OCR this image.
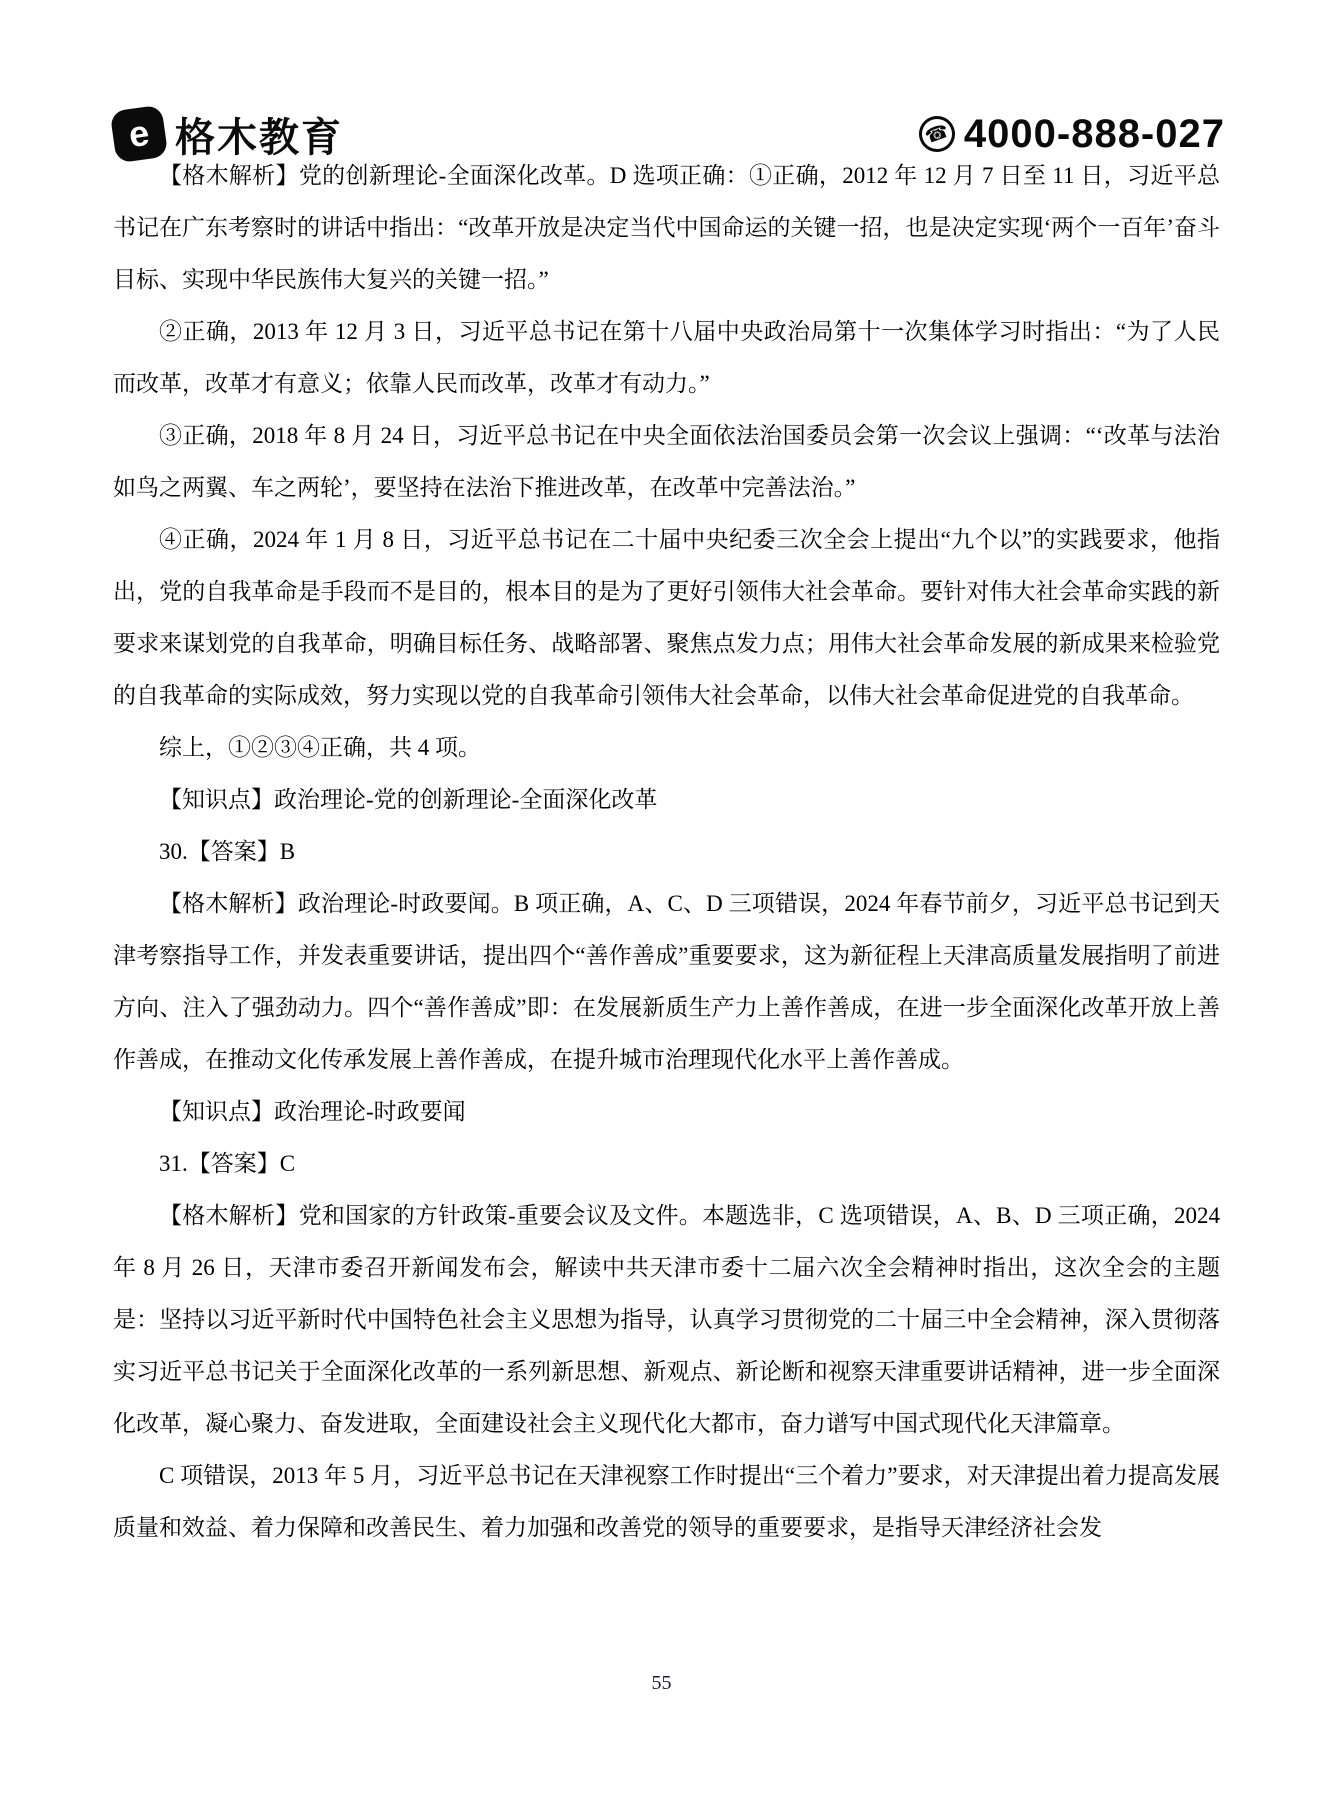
e 格木教育	☎ 4000-888-027

【格木解析】党的创新理论-全面深化改革。D 选项正确：①正确，2012 年 12 月 7 日至 11 日，习近平总书记在广东考察时的讲话中指出：“改革开放是决定当代中国命运的关键一招，也是决定实现‘两个一百年’奋斗目标、实现中华民族伟大复兴的关键一招。”

②正确，2013 年 12 月 3 日，习近平总书记在第十八届中央政治局第十一次集体学习时指出：“为了人民而改革，改革才有意义；依靠人民而改革，改革才有动力。”

③正确，2018 年 8 月 24 日，习近平总书记在中央全面依法治国委员会第一次会议上强调：“‘改革与法治如鸟之两翼、车之两轮’，要坚持在法治下推进改革，在改革中完善法治。”

④正确，2024 年 1 月 8 日，习近平总书记在二十届中央纪委三次全会上提出“九个以”的实践要求，他指出，党的自我革命是手段而不是目的，根本目的是为了更好引领伟大社会革命。要针对伟大社会革命实践的新要求来谋划党的自我革命，明确目标任务、战略部署、聚焦点发力点；用伟大社会革命发展的新成果来检验党的自我革命的实际成效，努力实现以党的自我革命引领伟大社会革命，以伟大社会革命促进党的自我革命。

综上，①②③④正确，共 4 项。

【知识点】政治理论-党的创新理论-全面深化改革

30.【答案】B

【格木解析】政治理论-时政要闻。B 项正确，A、C、D 三项错误，2024 年春节前夕，习近平总书记到天津考察指导工作，并发表重要讲话，提出四个“善作善成”重要要求，这为新征程上天津高质量发展指明了前进方向、注入了强劲动力。四个“善作善成”即：在发展新质生产力上善作善成，在进一步全面深化改革开放上善作善成，在推动文化传承发展上善作善成，在提升城市治理现代化水平上善作善成。

【知识点】政治理论-时政要闻

31.【答案】C

【格木解析】党和国家的方针政策-重要会议及文件。本题选非，C 选项错误，A、B、D 三项正确，2024 年 8 月 26 日，天津市委召开新闻发布会，解读中共天津市委十二届六次全会精神时指出，这次全会的主题是：坚持以习近平新时代中国特色社会主义思想为指导，认真学习贯彻党的二十届三中全会精神，深入贯彻落实习近平总书记关于全面深化改革的一系列新思想、新观点、新论断和视察天津重要讲话精神，进一步全面深化改革，凝心聚力、奋发进取，全面建设社会主义现代化大都市，奋力谱写中国式现代化天津篇章。

C 项错误，2013 年 5 月，习近平总书记在天津视察工作时提出“三个着力”要求，对天津提出着力提高发展质量和效益、着力保障和改善民生、着力加强和改善党的领导的重要要求，是指导天津经济社会发

55
